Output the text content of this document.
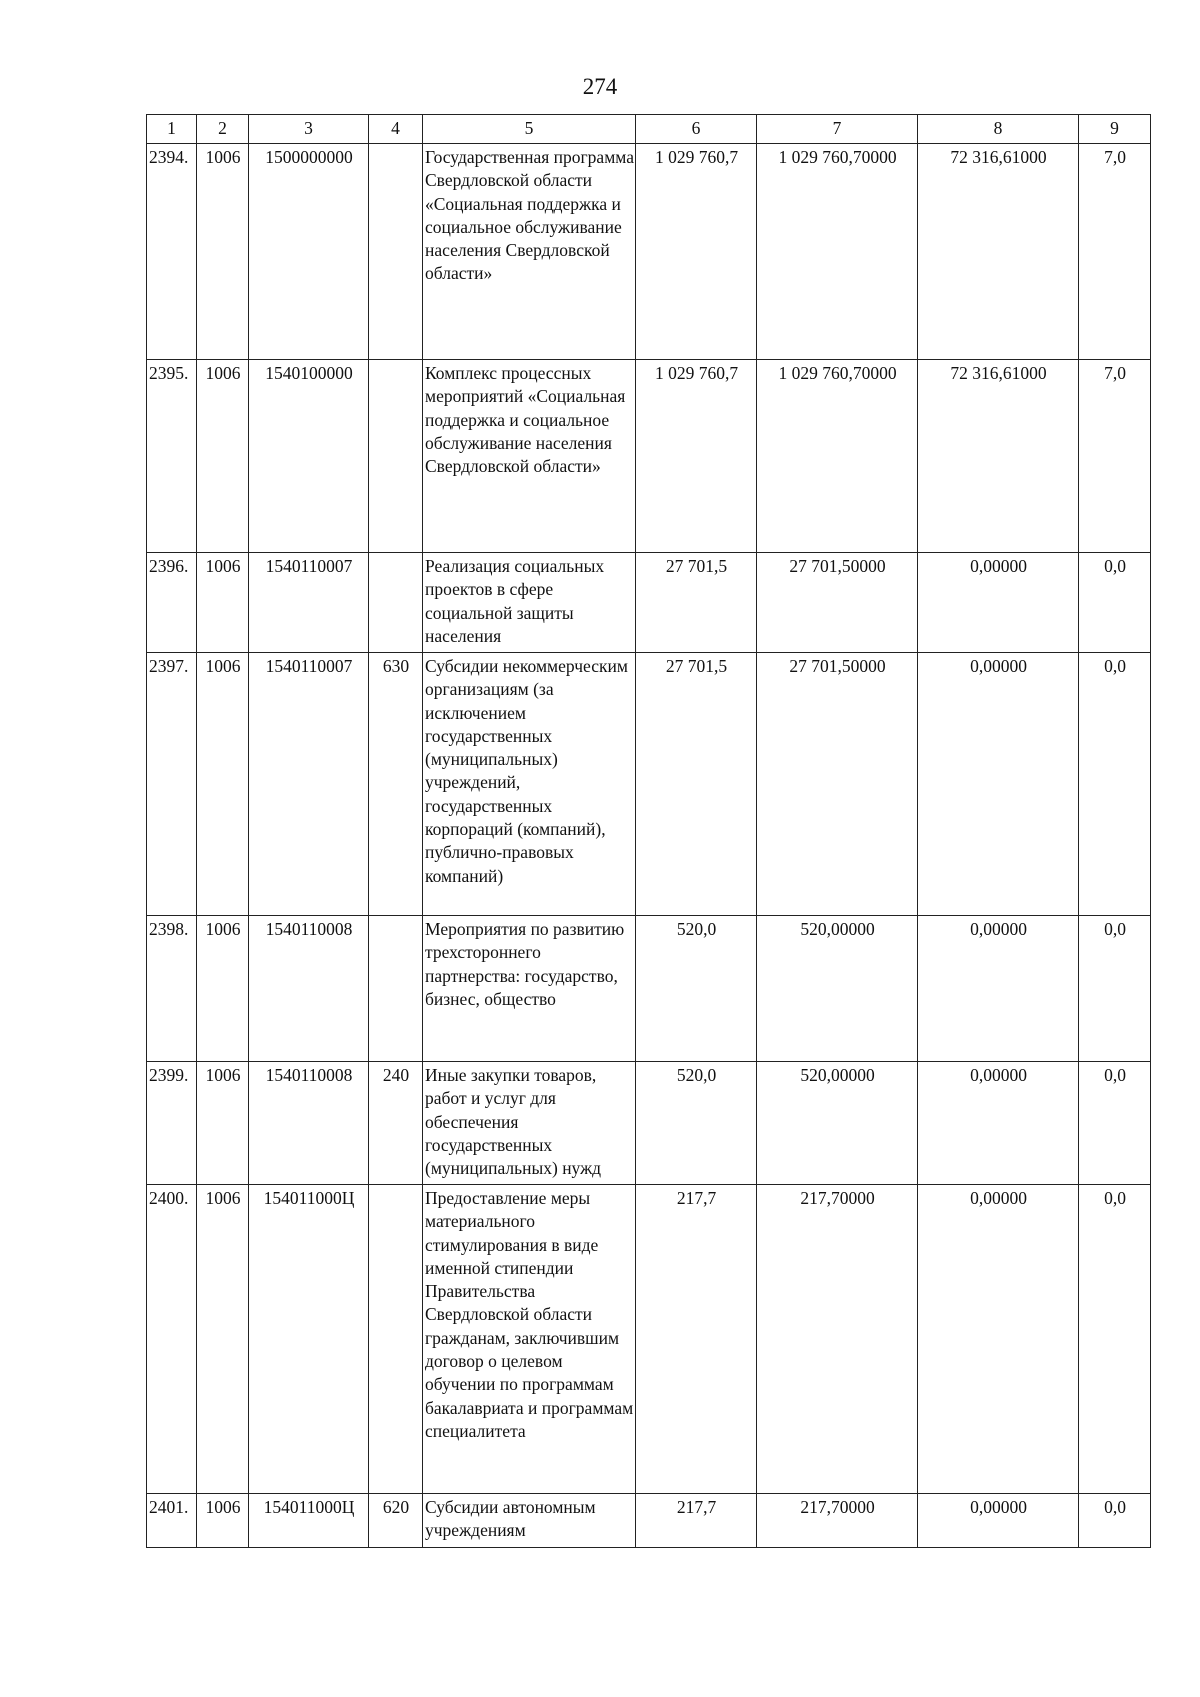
274
1	2	3	4	5	6	7	8	9
2394.	1006	1500000000		Государственная программа Свердловской области «Социальная поддержка и социальное обслуживание населения Свердловской области»	1 029 760,7	1 029 760,70000	72 316,61000	7,0
2395.	1006	1540100000		Комплекс процессных мероприятий «Социальная поддержка и социальное обслуживание населения Свердловской области»	1 029 760,7	1 029 760,70000	72 316,61000	7,0
2396.	1006	1540110007		Реализация социальных проектов в сфере социальной защиты населения	27 701,5	27 701,50000	0,00000	0,0
2397.	1006	1540110007	630	Субсидии некоммерческим организациям (за исключением государственных (муниципальных) учреждений, государственных корпораций (компаний), публично-правовых компаний)	27 701,5	27 701,50000	0,00000	0,0
2398.	1006	1540110008		Мероприятия по развитию трехстороннего партнерства: государство, бизнес, общество	520,0	520,00000	0,00000	0,0
2399.	1006	1540110008	240	Иные закупки товаров, работ и услуг для обеспечения государственных (муниципальных) нужд	520,0	520,00000	0,00000	0,0
2400.	1006	154011000Ц		Предоставление меры материального стимулирования в виде именной стипендии Правительства Свердловской области гражданам, заключившим договор о целевом обучении по программам бакалавриата и программам специалитета	217,7	217,70000	0,00000	0,0
2401.	1006	154011000Ц	620	Субсидии автономным учреждениям	217,7	217,70000	0,00000	0,0
